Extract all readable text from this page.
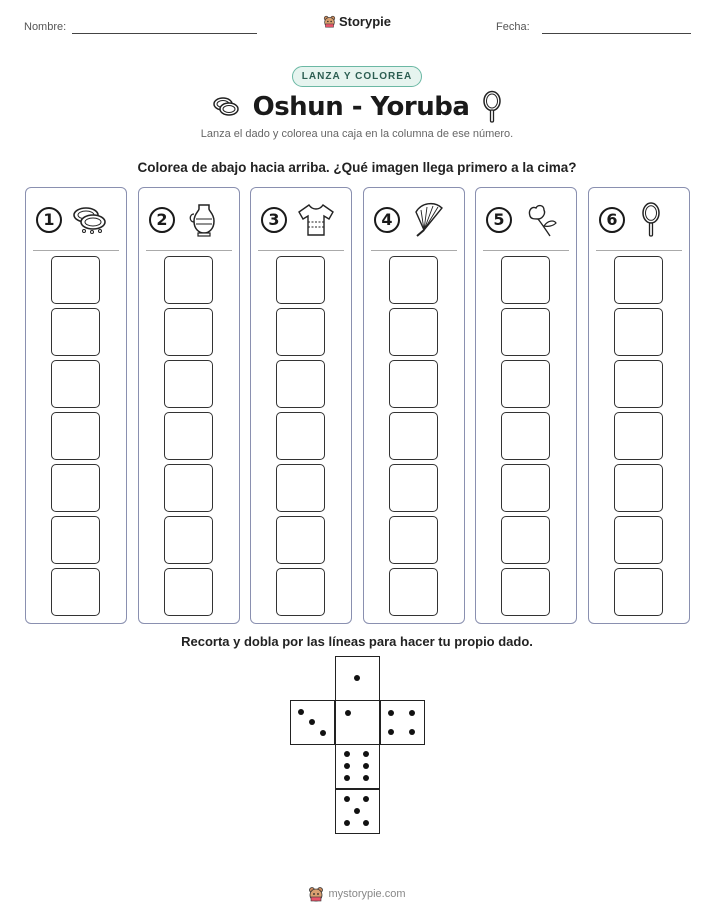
Nombre:	Storypie	Fecha:
LANZA Y COLOREA
Oshun - Yoruba
Lanza el dado y colorea una caja en la columna de ese número.
Colorea de abajo hacia arriba. ¿Qué imagen llega primero a la cima?
1	2	3	4	5	6
Recorta y dobla por las líneas para hacer tu propio dado.
mystorypie.com
